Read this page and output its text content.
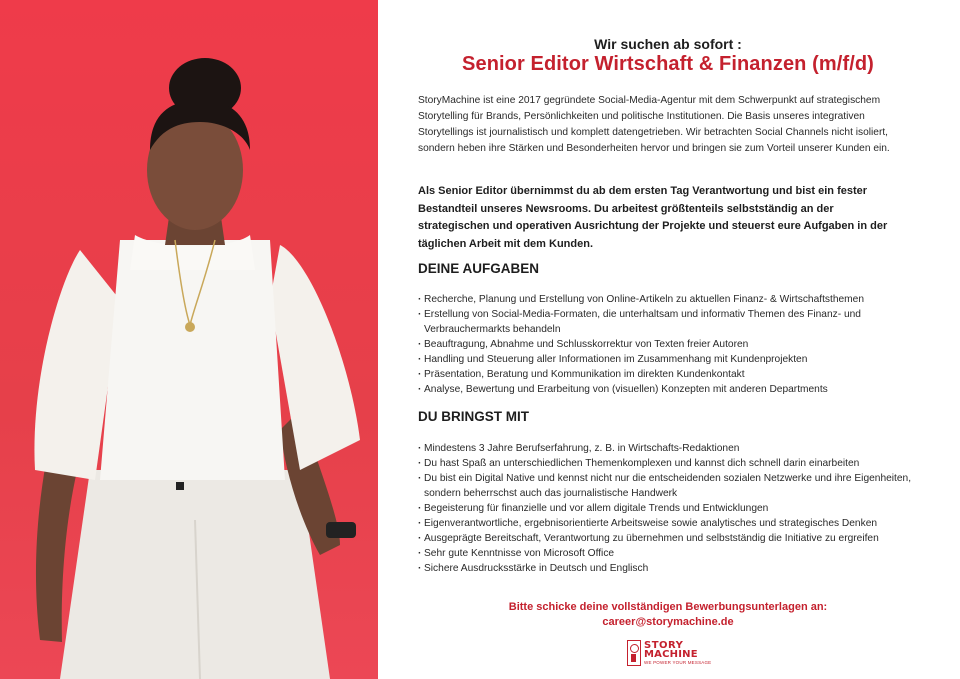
Wir suchen ab sofort :
Senior Editor Wirtschaft & Finanzen (m/f/d)
StoryMachine ist eine 2017 gegründete Social-Media-Agentur mit dem Schwerpunkt auf strategischem Storytelling für Brands, Persönlichkeiten und politische Institutionen. Die Basis unseres integrativen Storytellings ist journalistisch und komplett datengetrieben. Wir betrachten Social Channels nicht isoliert, sondern heben ihre Stärken und Besonderheiten hervor und bringen sie zum Vorteil unserer Kunden ein.
Als Senior Editor übernimmst du ab dem ersten Tag Verantwortung und bist ein fester Bestandteil unseres Newsrooms. Du arbeitest größtenteils selbstständig an der strategischen und operativen Ausrichtung der Projekte und steuerst eure Aufgaben in der täglichen Arbeit mit dem Kunden.
DEINE AUFGABEN
· Recherche, Planung und Erstellung von Online-Artikeln zu aktuellen Finanz- & Wirtschaftsthemen
· Erstellung von Social-Media-Formaten, die unterhaltsam und informativ Themen des Finanz- und Verbrauchermarkts behandeln
· Beauftragung, Abnahme und Schlusskorrektur von Texten freier Autoren
· Handling und Steuerung aller Informationen im Zusammenhang mit Kundenprojekten
· Präsentation, Beratung und Kommunikation im direkten Kundenkontakt
· Analyse, Bewertung und Erarbeitung von (visuellen) Konzepten mit anderen Departments
DU BRINGST MIT
· Mindestens 3 Jahre Berufserfahrung, z. B. in Wirtschafts-Redaktionen
· Du hast Spaß an unterschiedlichen Themenkomplexen und kannst dich schnell darin einarbeiten
· Du bist ein Digital Native und kennst nicht nur die entscheidenden sozialen Netzwerke und ihre Eigenheiten, sondern beherrschst auch das journalistische Handwerk
· Begeisterung für finanzielle und vor allem digitale Trends und Entwicklungen
· Eigenverantwortliche, ergebnisorientierte Arbeitsweise sowie analytisches und strategisches Denken
· Ausgeprägte Bereitschaft, Verantwortung zu übernehmen und selbstständig die Initiative zu ergreifen
· Sehr gute Kenntnisse von Microsoft Office
· Sichere Ausdrucksstärke in Deutsch und Englisch
Bitte schicke deine vollständigen Bewerbungsunterlagen an:
career@storymachine.de
STORY
MACHINE
WE POWER YOUR MESSAGE
